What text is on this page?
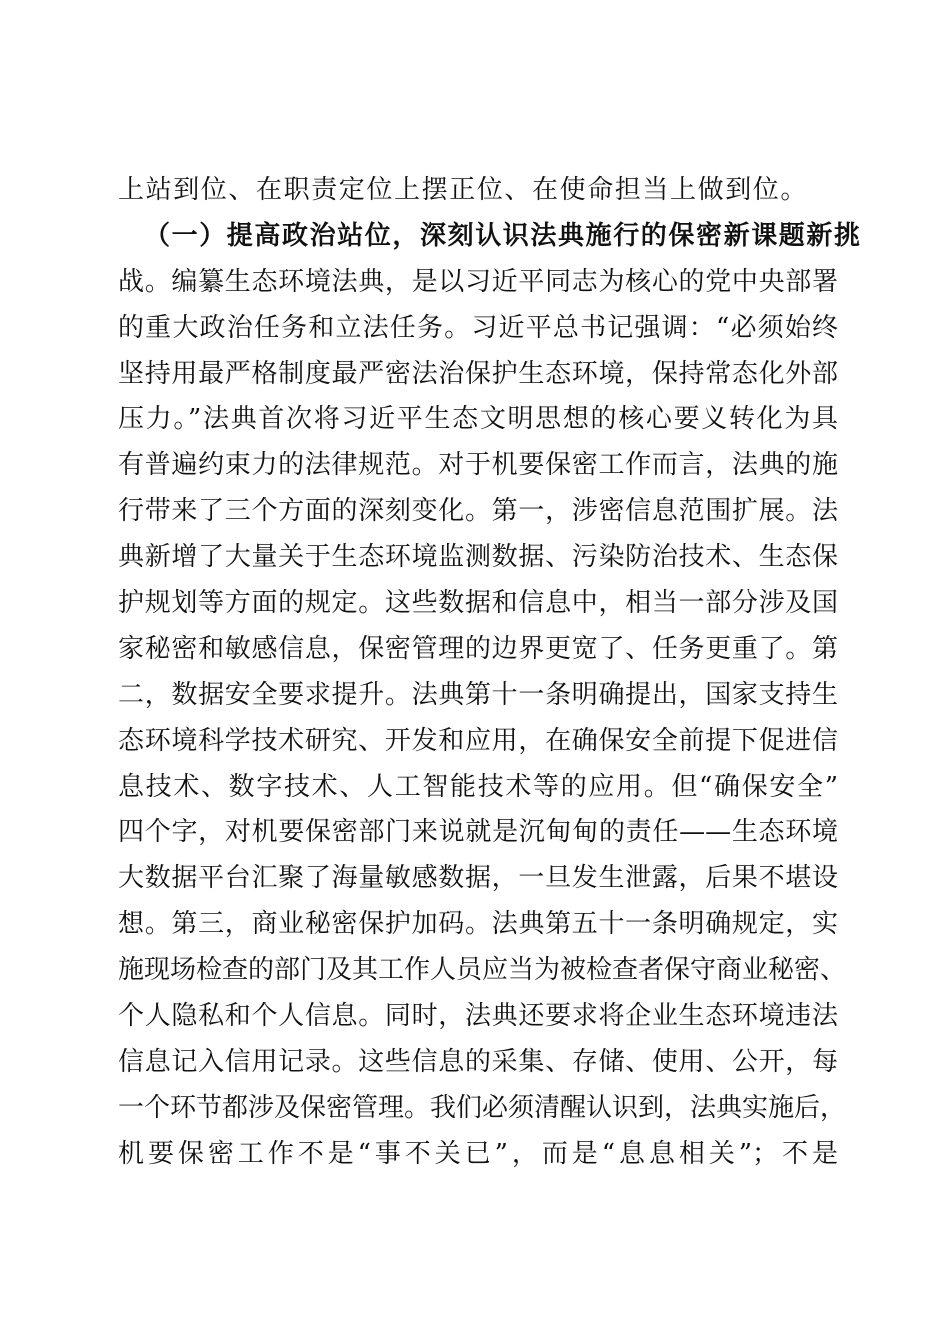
上站到位、在职责定位上摆正位、在使命担当上做到位。
（一）提高政治站位，深刻认识法典施行的保密新课题新挑
战。编纂生态环境法典，是以习近平同志为核心的党中央部署
的重大政治任务和立法任务。习近平总书记强调：“必须始终
坚持用最严格制度最严密法治保护生态环境，保持常态化外部
压力。”法典首次将习近平生态文明思想的核心要义转化为具
有普遍约束力的法律规范。对于机要保密工作而言，法典的施
行带来了三个方面的深刻变化。第一，涉密信息范围扩展。法
典新增了大量关于生态环境监测数据、污染防治技术、生态保
护规划等方面的规定。这些数据和信息中，相当一部分涉及国
家秘密和敏感信息，保密管理的边界更宽了、任务更重了。第
二，数据安全要求提升。法典第十一条明确提出，国家支持生
态环境科学技术研究、开发和应用，在确保安全前提下促进信
息技术、数字技术、人工智能技术等的应用。但“确保安全”
四个字，对机要保密部门来说就是沉甸甸的责任——生态环境
大数据平台汇聚了海量敏感数据，一旦发生泄露，后果不堪设
想。第三，商业秘密保护加码。法典第五十一条明确规定，实
施现场检查的部门及其工作人员应当为被检查者保守商业秘密、
个人隐私和个人信息。同时，法典还要求将企业生态环境违法
信息记入信用记录。这些信息的采集、存储、使用、公开，每
一个环节都涉及保密管理。我们必须清醒认识到，法典实施后，
机要保密工作不是“事不关已”，而是“息息相关”；不是
